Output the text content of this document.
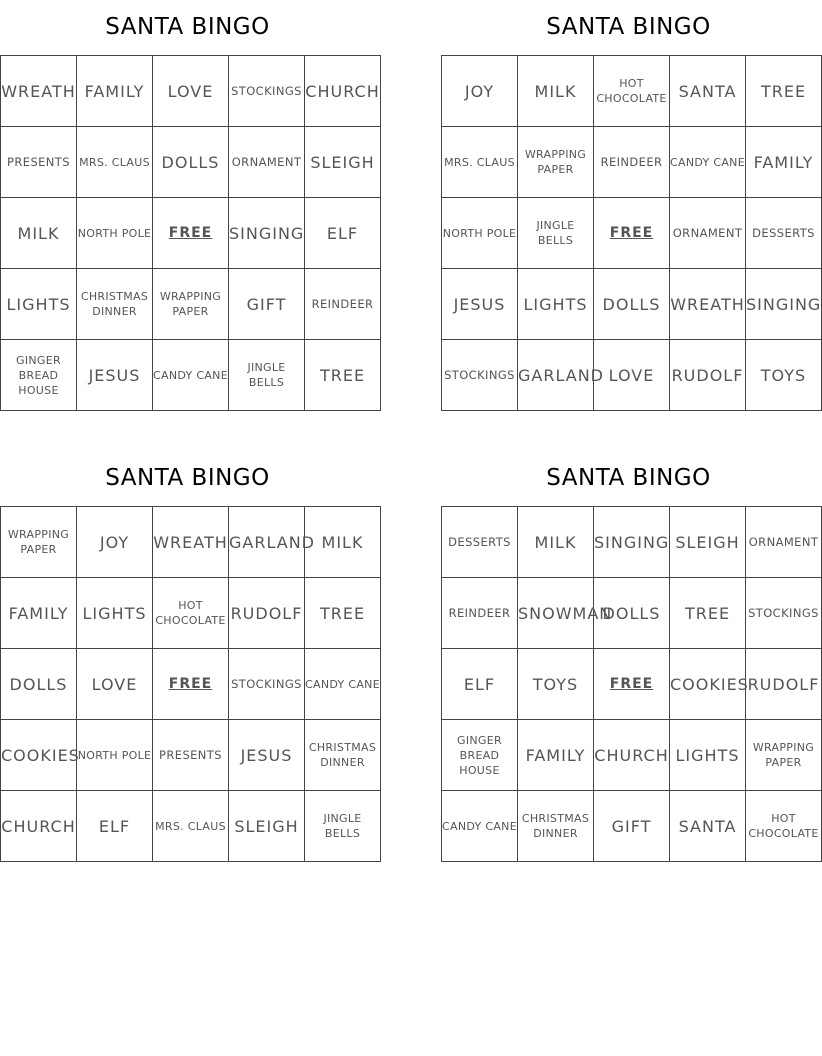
SANTA BINGO
WREATH	FAMILY	LOVE	STOCKINGS	CHURCH

PRESENTS	MRS. CLAUS	DOLLS	ORNAMENT	SLEIGH

MILK	NORTH POLE	FREE	SINGING	ELF

LIGHTS	CHRISTMAS DINNER	WRAPPING PAPER	GIFT	REINDEER

GINGER BREAD HOUSE	JESUS	CANDY CANE	JINGLE BELLS	TREE
SANTA BINGO
JOY	MILK	HOT CHOCOLATE	SANTA	TREE

MRS. CLAUS	WRAPPING PAPER	REINDEER	CANDY CANE	FAMILY

NORTH POLE	JINGLE BELLS	FREE	ORNAMENT	DESSERTS

JESUS	LIGHTS	DOLLS	WREATH	SINGING

STOCKINGS	GARLAND	LOVE	RUDOLF	TOYS
SANTA BINGO
WRAPPING PAPER	JOY	WREATH	GARLAND	MILK

FAMILY	LIGHTS	HOT CHOCOLATE	RUDOLF	TREE

DOLLS	LOVE	FREE	STOCKINGS	CANDY CANE

COOKIES	NORTH POLE	PRESENTS	JESUS	CHRISTMAS DINNER

CHURCH	ELF	MRS. CLAUS	SLEIGH	JINGLE BELLS
SANTA BINGO
DESSERTS	MILK	SINGING	SLEIGH	ORNAMENT

REINDEER	SNOWMAN	DOLLS	TREE	STOCKINGS

ELF	TOYS	FREE	COOKIES	RUDOLF

GINGER BREAD HOUSE	FAMILY	CHURCH	LIGHTS	WRAPPING PAPER

CANDY CANE	CHRISTMAS DINNER	GIFT	SANTA	HOT CHOCOLATE
